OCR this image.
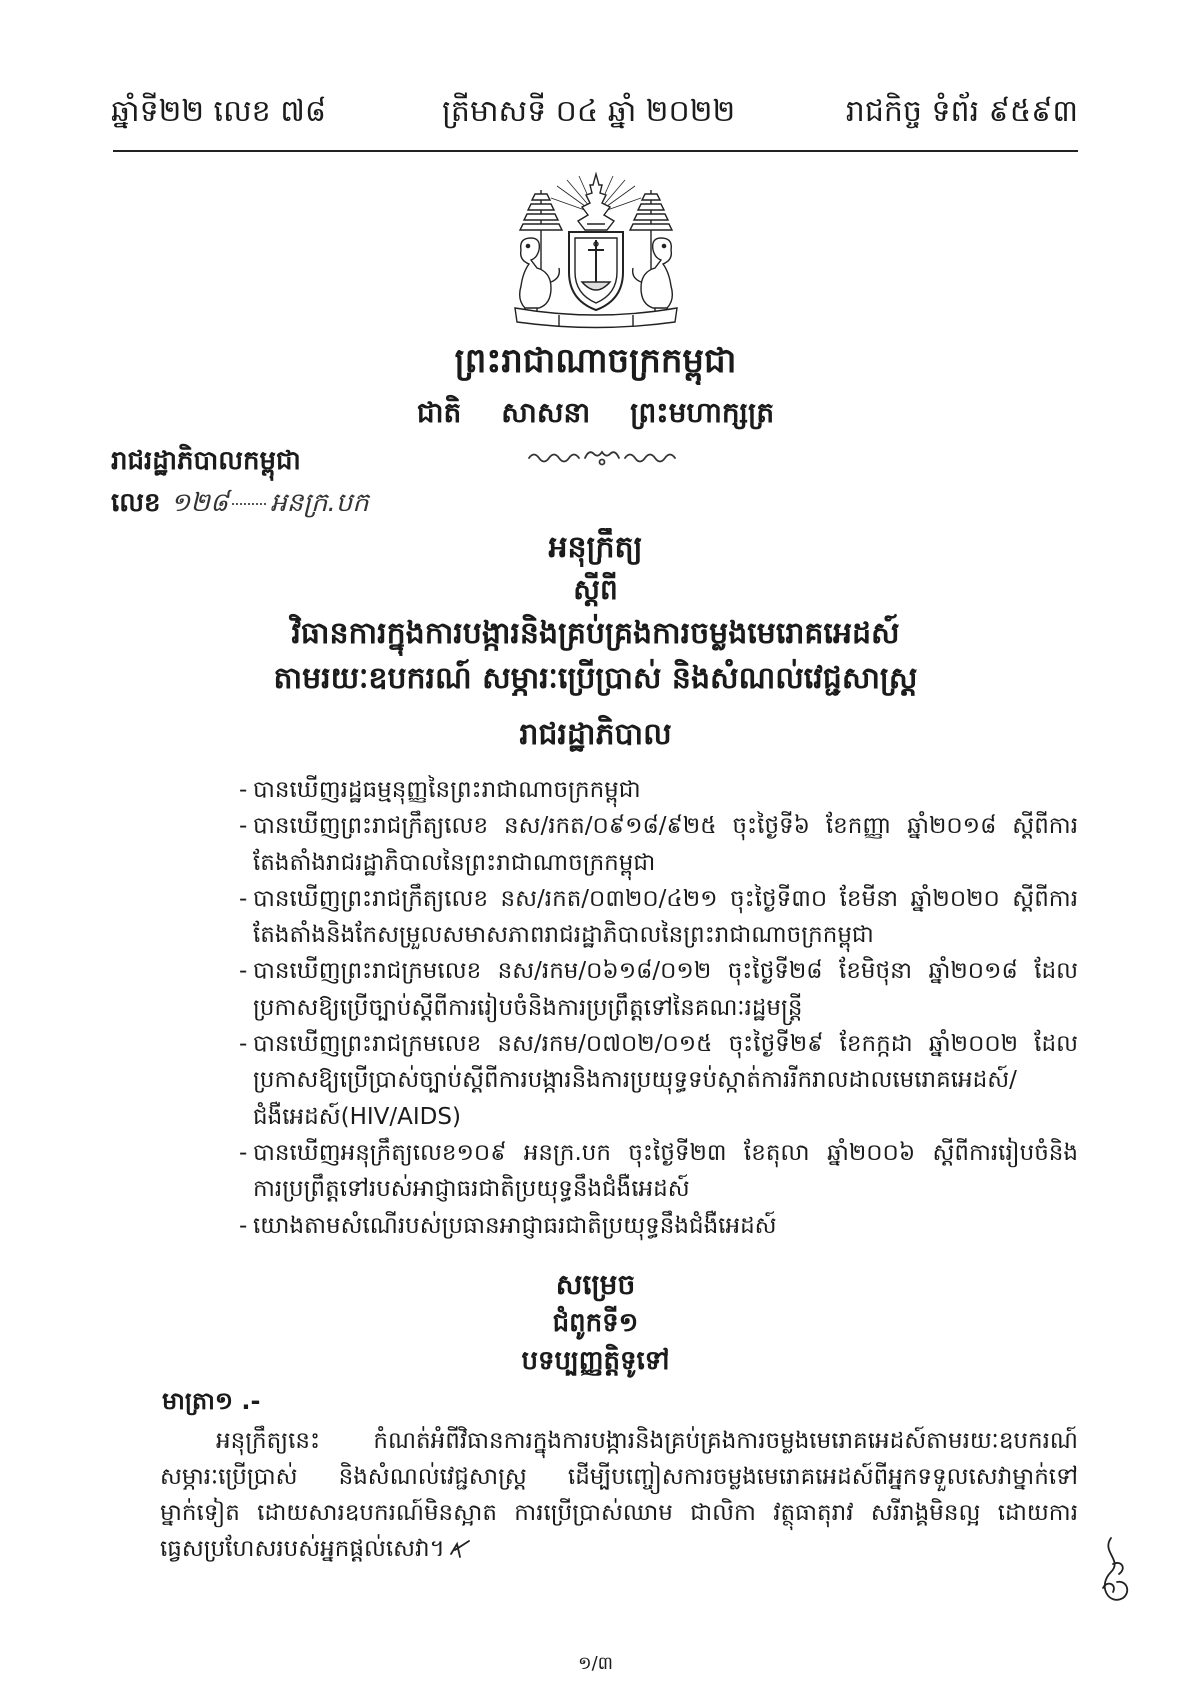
ឆ្នាំទី២២ លេខ ៧៨	ត្រីមាសទី ០៤ ឆ្នាំ ២០២២	រាជកិច្ច ទំព័រ ៩៥៩៣
ព្រះរាជាណាចក្រកម្ពុជា
ជាតិ សាសនា ព្រះមហាក្សត្រ
រាជរដ្ឋាភិបាលកម្ពុជា
លេខ ១២៨ អនក្រ.បក
អនុក្រឹត្យ
ស្តីពី
វិធានការក្នុងការបង្ការនិងគ្រប់គ្រងការចម្លងមេរោគអេដស៍
តាមរយៈឧបករណ៍ សម្ភារៈប្រើប្រាស់ និងសំណល់វេជ្ជសាស្ត្រ
រាជរដ្ឋាភិបាល
- បានឃើញរដ្ឋធម្មនុញ្ញនៃព្រះរាជាណាចក្រកម្ពុជា
- បានឃើញព្រះរាជក្រឹត្យលេខ នស/រកត/០៩១៨/៩២៥ ចុះថ្ងៃទី៦ ខែកញ្ញា ឆ្នាំ២០១៨ ស្តីពីការ
តែងតាំងរាជរដ្ឋាភិបាលនៃព្រះរាជាណាចក្រកម្ពុជា
- បានឃើញព្រះរាជក្រឹត្យលេខ នស/រកត/០៣២០/៤២១ ចុះថ្ងៃទី៣០ ខែមីនា ឆ្នាំ២០២០ ស្តីពីការ
តែងតាំងនិងកែសម្រួលសមាសភាពរាជរដ្ឋាភិបាលនៃព្រះរាជាណាចក្រកម្ពុជា
- បានឃើញព្រះរាជក្រមលេខ នស/រកម/០៦១៨/០១២ ចុះថ្ងៃទី២៨ ខែមិថុនា ឆ្នាំ២០១៨ ដែល
ប្រកាសឱ្យប្រើច្បាប់ស្តីពីការរៀបចំនិងការប្រព្រឹត្តទៅនៃគណៈរដ្ឋមន្ត្រី
- បានឃើញព្រះរាជក្រមលេខ នស/រកម/០៧០២/០១៥ ចុះថ្ងៃទី២៩ ខែកក្កដា ឆ្នាំ២០០២ ដែល
ប្រកាសឱ្យប្រើប្រាស់ច្បាប់ស្តីពីការបង្ការនិងការប្រយុទ្ធទប់ស្កាត់ការរីករាលដាលមេរោគអេដស៍/
ជំងឺអេដស៍(HIV/AIDS)
- បានឃើញអនុក្រឹត្យលេខ១០៩ អនក្រ.បក ចុះថ្ងៃទី២៣ ខែតុលា ឆ្នាំ២០០៦ ស្តីពីការរៀបចំនិង
ការប្រព្រឹត្តទៅរបស់អាជ្ញាធរជាតិប្រយុទ្ធនឹងជំងឺអេដស៍
- យោងតាមសំណើរបស់ប្រធានអាជ្ញាធរជាតិប្រយុទ្ធនឹងជំងឺអេដស៍
សម្រេច
ជំពូកទី១
បទប្បញ្ញត្តិទូទៅ
មាត្រា១ .-
អនុក្រឹត្យនេះ កំណត់អំពីវិធានការក្នុងការបង្ការនិងគ្រប់គ្រងការចម្លងមេរោគអេដស៍តាមរយៈឧបករណ៍
សម្ភារៈប្រើប្រាស់ និងសំណល់វេជ្ជសាស្ត្រ ដើម្បីបញ្ចៀសការចម្លងមេរោគអេដស៍ពីអ្នកទទួលសេវាម្នាក់ទៅ
ម្នាក់ទៀត ដោយសារឧបករណ៍មិនស្អាត ការប្រើប្រាស់ឈាម ជាលិកា វត្ថុធាតុរាវ សរីរាង្គមិនល្អ ដោយការ
ធ្វេសប្រហែសរបស់អ្នកផ្តល់សេវា។
១/៣
